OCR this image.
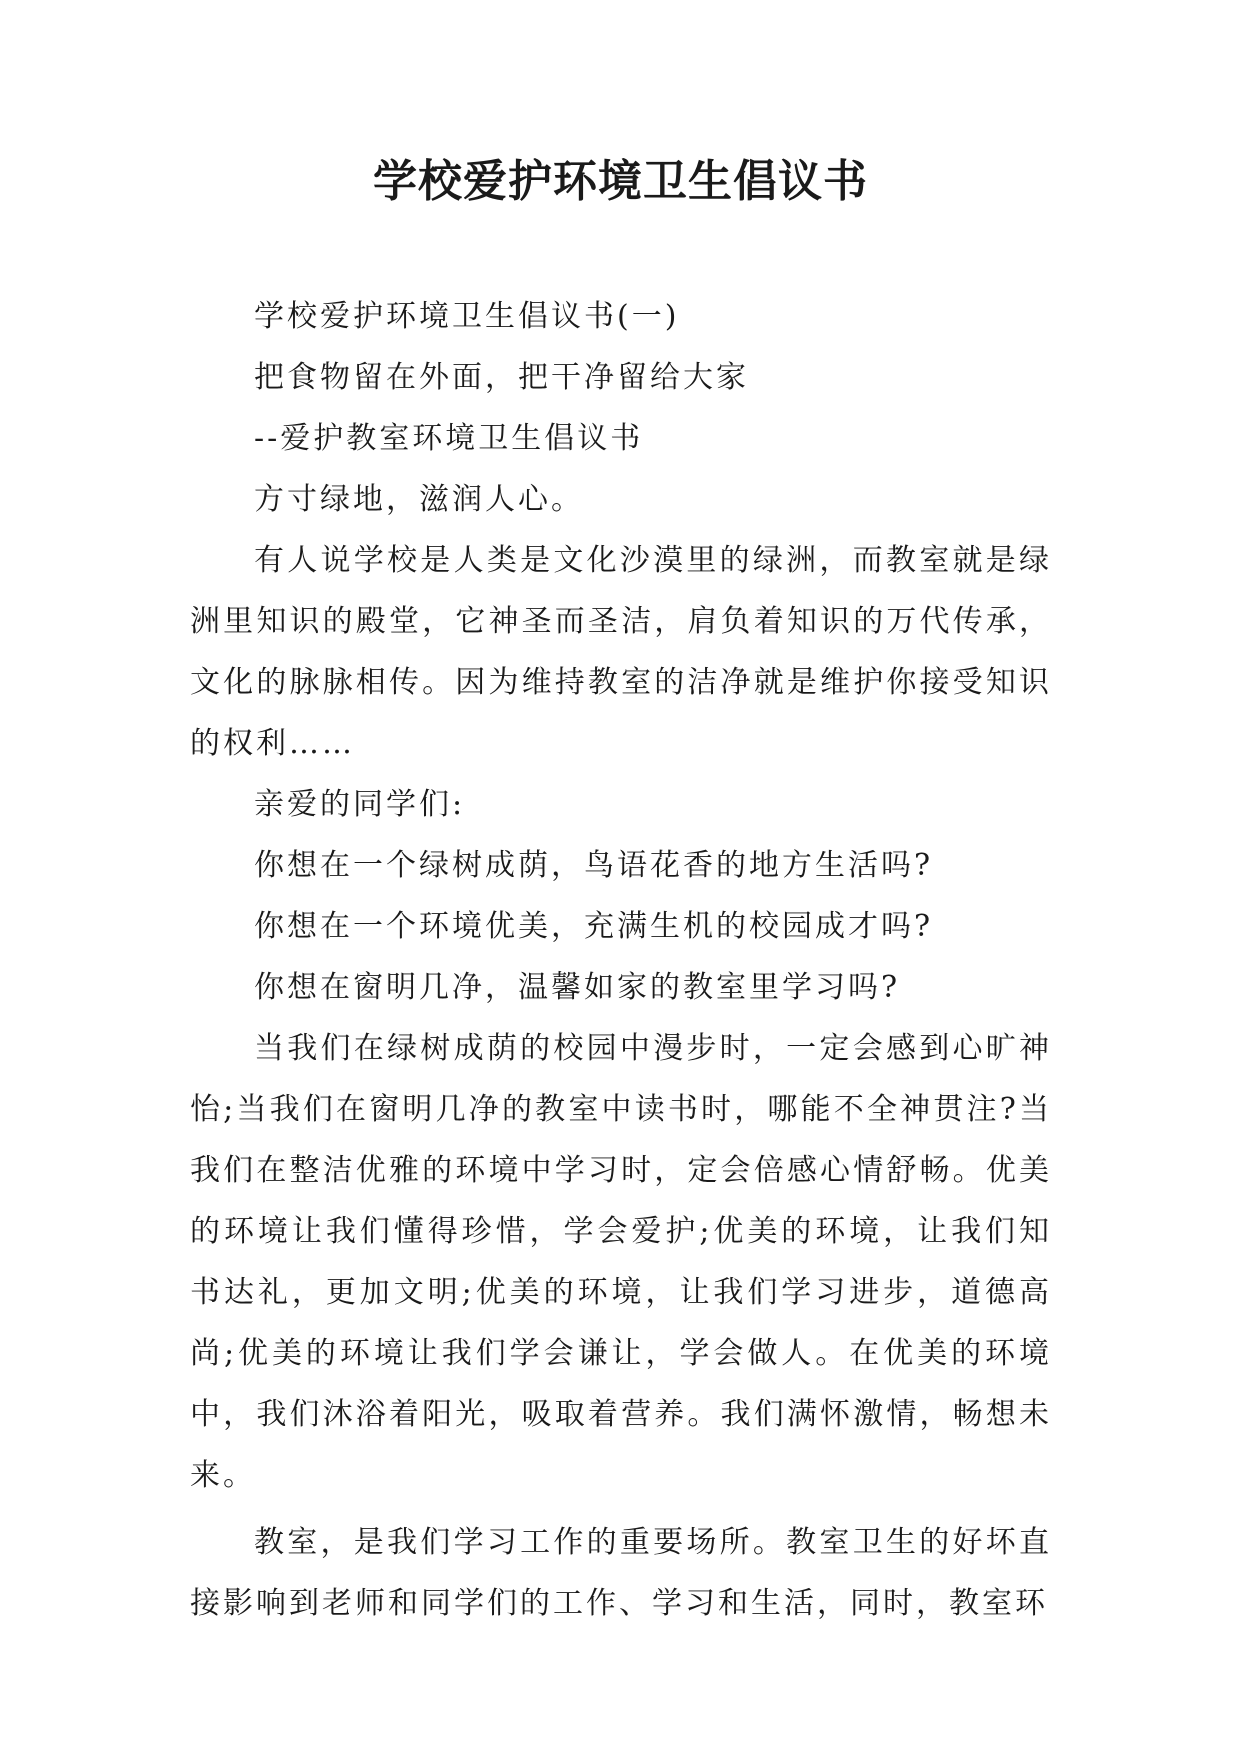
学校爱护环境卫生倡议书

学校爱护环境卫生倡议书(一)

把食物留在外面，把干净留给大家

--爱护教室环境卫生倡议书

方寸绿地，滋润人心。

有人说学校是人类是文化沙漠里的绿洲，而教室就是绿洲里知识的殿堂，它神圣而圣洁，肩负着知识的万代传承，文化的脉脉相传。因为维持教室的洁净就是维护你接受知识的权利……

亲爱的同学们:

你想在一个绿树成荫，鸟语花香的地方生活吗?

你想在一个环境优美，充满生机的校园成才吗?

你想在窗明几净，温馨如家的教室里学习吗?

当我们在绿树成荫的校园中漫步时，一定会感到心旷神怡;当我们在窗明几净的教室中读书时，哪能不全神贯注?当我们在整洁优雅的环境中学习时，定会倍感心情舒畅。优美的环境让我们懂得珍惜，学会爱护;优美的环境，让我们知书达礼，更加文明;优美的环境，让我们学习进步，道德高尚;优美的环境让我们学会谦让，学会做人。在优美的环境中，我们沐浴着阳光，吸取着营养。我们满怀激情，畅想未来。

教室，是我们学习工作的重要场所。教室卫生的好坏直接影响到老师和同学们的工作、学习和生活，同时，教室环
